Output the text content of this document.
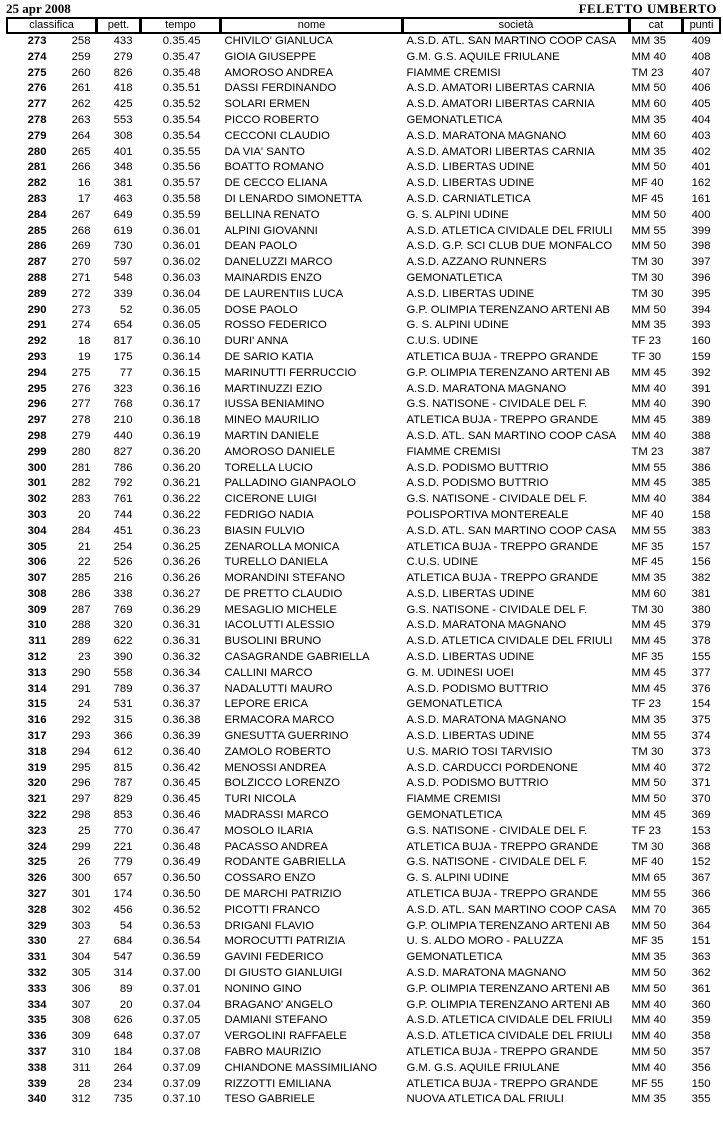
25 apr 2008	FELETTO UMBERTO
classifica		pett.	tempo	nome	società	cat	punti

273	258	433	0.35.45	CHIVILO' GIANLUCA	A.S.D. ATL. SAN MARTINO COOP CASA	MM 35	409
274	259	279	0.35.47	GIOIA GIUSEPPE	G.M. G.S. AQUILE FRIULANE	MM 40	408
275	260	826	0.35.48	AMOROSO ANDREA	FIAMME CREMISI	TM 23	407
276	261	418	0.35.51	DASSI FERDINANDO	A.S.D. AMATORI LIBERTAS CARNIA	MM 50	406
277	262	425	0.35.52	SOLARI ERMEN	A.S.D. AMATORI LIBERTAS CARNIA	MM 60	405
278	263	553	0.35.54	PICCO ROBERTO	GEMONATLETICA	MM 35	404
279	264	308	0.35.54	CECCONI CLAUDIO	A.S.D. MARATONA MAGNANO	MM 60	403
280	265	401	0.35.55	DA VIA' SANTO	A.S.D. AMATORI LIBERTAS CARNIA	MM 35	402
281	266	348	0.35.56	BOATTO ROMANO	A.S.D. LIBERTAS UDINE	MM 50	401
282	16	381	0.35.57	DE CECCO ELIANA	A.S.D. LIBERTAS UDINE	MF 40	162
283	17	463	0.35.58	DI LENARDO SIMONETTA	A.S.D. CARNIATLETICA	MF 45	161
284	267	649	0.35.59	BELLINA RENATO	G. S. ALPINI UDINE	MM 50	400
285	268	619	0.36.01	ALPINI GIOVANNI	A.S.D. ATLETICA CIVIDALE DEL FRIULI	MM 55	399
286	269	730	0.36.01	DEAN PAOLO	A.S.D. G.P. SCI CLUB DUE MONFALCO	MM 50	398
287	270	597	0.36.02	DANELUZZI MARCO	A.S.D. AZZANO RUNNERS	TM 30	397
288	271	548	0.36.03	MAINARDIS ENZO	GEMONATLETICA	TM 30	396
289	272	339	0.36.04	DE LAURENTIIS LUCA	A.S.D. LIBERTAS UDINE	TM 30	395
290	273	52	0.36.05	DOSE PAOLO	G.P. OLIMPIA TERENZANO ARTENI AB	MM 50	394
291	274	654	0.36.05	ROSSO FEDERICO	G. S. ALPINI UDINE	MM 35	393
292	18	817	0.36.10	DURI' ANNA	C.U.S. UDINE	TF 23	160
293	19	175	0.36.14	DE SARIO KATIA	ATLETICA BUJA - TREPPO GRANDE	TF 30	159
294	275	77	0.36.15	MARINUTTI FERRUCCIO	G.P. OLIMPIA TERENZANO ARTENI AB	MM 45	392
295	276	323	0.36.16	MARTINUZZI EZIO	A.S.D. MARATONA MAGNANO	MM 40	391
296	277	768	0.36.17	IUSSA BENIAMINO	G.S. NATISONE - CIVIDALE DEL F.	MM 40	390
297	278	210	0.36.18	MINEO MAURILIO	ATLETICA BUJA - TREPPO GRANDE	MM 45	389
298	279	440	0.36.19	MARTIN DANIELE	A.S.D. ATL. SAN MARTINO COOP CASA	MM 40	388
299	280	827	0.36.20	AMOROSO DANIELE	FIAMME CREMISI	TM 23	387
300	281	786	0.36.20	TORELLA LUCIO	A.S.D. PODISMO BUTTRIO	MM 55	386
301	282	792	0.36.21	PALLADINO GIANPAOLO	A.S.D. PODISMO BUTTRIO	MM 45	385
302	283	761	0.36.22	CICERONE LUIGI	G.S. NATISONE - CIVIDALE DEL F.	MM 40	384
303	20	744	0.36.22	FEDRIGO NADIA	POLISPORTIVA MONTEREALE	MF 40	158
304	284	451	0.36.23	BIASIN FULVIO	A.S.D. ATL. SAN MARTINO COOP CASA	MM 55	383
305	21	254	0.36.25	ZENAROLLA MONICA	ATLETICA BUJA - TREPPO GRANDE	MF 35	157
306	22	526	0.36.26	TURELLO DANIELA	C.U.S. UDINE	MF 45	156
307	285	216	0.36.26	MORANDINI STEFANO	ATLETICA BUJA - TREPPO GRANDE	MM 35	382
308	286	338	0.36.27	DE PRETTO CLAUDIO	A.S.D. LIBERTAS UDINE	MM 60	381
309	287	769	0.36.29	MESAGLIO MICHELE	G.S. NATISONE - CIVIDALE DEL F.	TM 30	380
310	288	320	0.36.31	IACOLUTTI ALESSIO	A.S.D. MARATONA MAGNANO	MM 45	379
311	289	622	0.36.31	BUSOLINI BRUNO	A.S.D. ATLETICA CIVIDALE DEL FRIULI	MM 45	378
312	23	390	0.36.32	CASAGRANDE GABRIELLA	A.S.D. LIBERTAS UDINE	MF 35	155
313	290	558	0.36.34	CALLINI MARCO	G. M. UDINESI UOEI	MM 45	377
314	291	789	0.36.37	NADALUTTI MAURO	A.S.D. PODISMO BUTTRIO	MM 45	376
315	24	531	0.36.37	LEPORE ERICA	GEMONATLETICA	TF 23	154
316	292	315	0.36.38	ERMACORA MARCO	A.S.D. MARATONA MAGNANO	MM 35	375
317	293	366	0.36.39	GNESUTTA GUERRINO	A.S.D. LIBERTAS UDINE	MM 55	374
318	294	612	0.36.40	ZAMOLO ROBERTO	U.S. MARIO TOSI TARVISIO	TM 30	373
319	295	815	0.36.42	MENOSSI ANDREA	A.S.D. CARDUCCI PORDENONE	MM 40	372
320	296	787	0.36.45	BOLZICCO LORENZO	A.S.D. PODISMO BUTTRIO	MM 50	371
321	297	829	0.36.45	TURI NICOLA	FIAMME CREMISI	MM 50	370
322	298	853	0.36.46	MADRASSI MARCO	GEMONATLETICA	MM 45	369
323	25	770	0.36.47	MOSOLO ILARIA	G.S. NATISONE - CIVIDALE DEL F.	TF 23	153
324	299	221	0.36.48	PACASSO ANDREA	ATLETICA BUJA - TREPPO GRANDE	TM 30	368
325	26	779	0.36.49	RODANTE GABRIELLA	G.S. NATISONE - CIVIDALE DEL F.	MF 40	152
326	300	657	0.36.50	COSSARO ENZO	G. S. ALPINI UDINE	MM 65	367
327	301	174	0.36.50	DE MARCHI PATRIZIO	ATLETICA BUJA - TREPPO GRANDE	MM 55	366
328	302	456	0.36.52	PICOTTI FRANCO	A.S.D. ATL. SAN MARTINO COOP CASA	MM 70	365
329	303	54	0.36.53	DRIGANI FLAVIO	G.P. OLIMPIA TERENZANO ARTENI AB	MM 50	364
330	27	684	0.36.54	MOROCUTTI PATRIZIA	U. S. ALDO MORO - PALUZZA	MF 35	151
331	304	547	0.36.59	GAVINI FEDERICO	GEMONATLETICA	MM 35	363
332	305	314	0.37.00	DI GIUSTO GIANLUIGI	A.S.D. MARATONA MAGNANO	MM 50	362
333	306	89	0.37.01	NONINO GINO	G.P. OLIMPIA TERENZANO ARTENI AB	MM 50	361
334	307	20	0.37.04	BRAGANO' ANGELO	G.P. OLIMPIA TERENZANO ARTENI AB	MM 40	360
335	308	626	0.37.05	DAMIANI STEFANO	A.S.D. ATLETICA CIVIDALE DEL FRIULI	MM 40	359
336	309	648	0.37.07	VERGOLINI RAFFAELE	A.S.D. ATLETICA CIVIDALE DEL FRIULI	MM 40	358
337	310	184	0.37.08	FABRO MAURIZIO	ATLETICA BUJA - TREPPO GRANDE	MM 50	357
338	311	264	0.37.09	CHIANDONE MASSIMILIANO	G.M. G.S. AQUILE FRIULANE	MM 40	356
339	28	234	0.37.09	RIZZOTTI EMILIANA	ATLETICA BUJA - TREPPO GRANDE	MF 55	150
340	312	735	0.37.10	TESO GABRIELE	NUOVA ATLETICA DAL FRIULI	MM 35	355
